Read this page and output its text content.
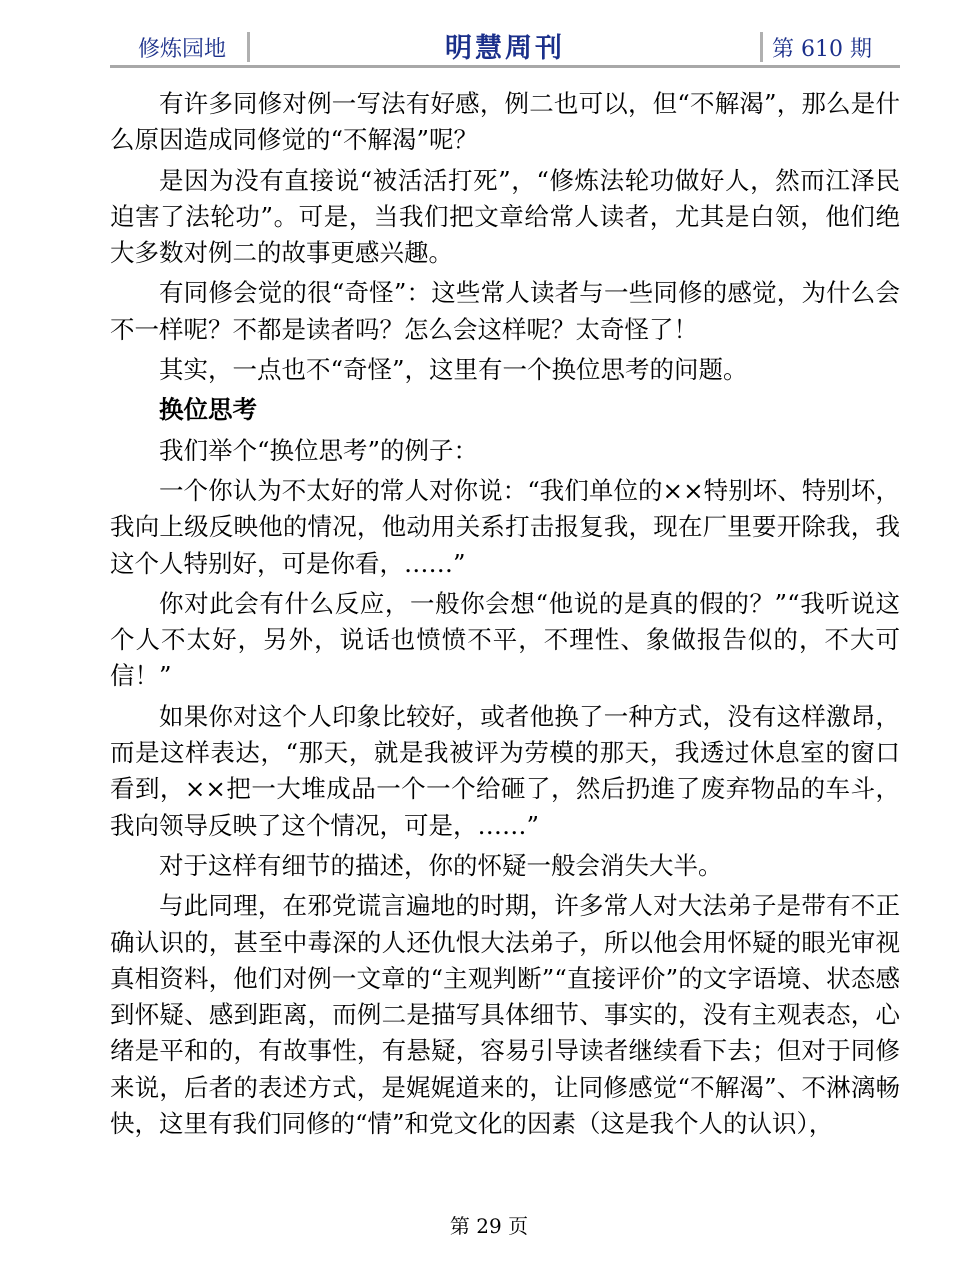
修炼园地	明慧周刊	第 610 期

有许多同修对例一写法有好感，例二也可以，但“不解渴”，那么是什么原因造成同修觉的“不解渴”呢？

是因为没有直接说“被活活打死”，“修炼法轮功做好人，然而江泽民迫害了法轮功”。可是，当我们把文章给常人读者，尤其是白领，他们绝大多数对例二的故事更感兴趣。

有同修会觉的很“奇怪”：这些常人读者与一些同修的感觉，为什么会不一样呢？不都是读者吗？怎么会这样呢？太奇怪了！

其实，一点也不“奇怪”，这里有一个换位思考的问题。

换位思考

我们举个“换位思考”的例子：

一个你认为不太好的常人对你说：“我们单位的××特别坏、特别坏，我向上级反映他的情况，他动用关系打击报复我，现在厂里要开除我，我这个人特别好，可是你看，……”

你对此会有什么反应，一般你会想“他说的是真的假的？”“我听说这个人不太好，另外，说话也愤愤不平，不理性、象做报告似的，不大可信！”

如果你对这个人印象比较好，或者他换了一种方式，没有这样激昂，而是这样表达，“那天，就是我被评为劳模的那天，我透过休息室的窗口看到，××把一大堆成品一个一个给砸了，然后扔進了废弃物品的车斗，我向领导反映了这个情况，可是，……”

对于这样有细节的描述，你的怀疑一般会消失大半。

与此同理，在邪党谎言遍地的时期，许多常人对大法弟子是带有不正确认识的，甚至中毒深的人还仇恨大法弟子，所以他会用怀疑的眼光审视真相资料，他们对例一文章的“主观判断”“直接评价”的文字语境、状态感到怀疑、感到距离，而例二是描写具体细节、事实的，没有主观表态，心绪是平和的，有故事性，有悬疑，容易引导读者继续看下去；但对于同修来说，后者的表述方式，是娓娓道来的，让同修感觉“不解渴”、不淋漓畅快，这里有我们同修的“情”和党文化的因素（这是我个人的认识），

第 29 页
